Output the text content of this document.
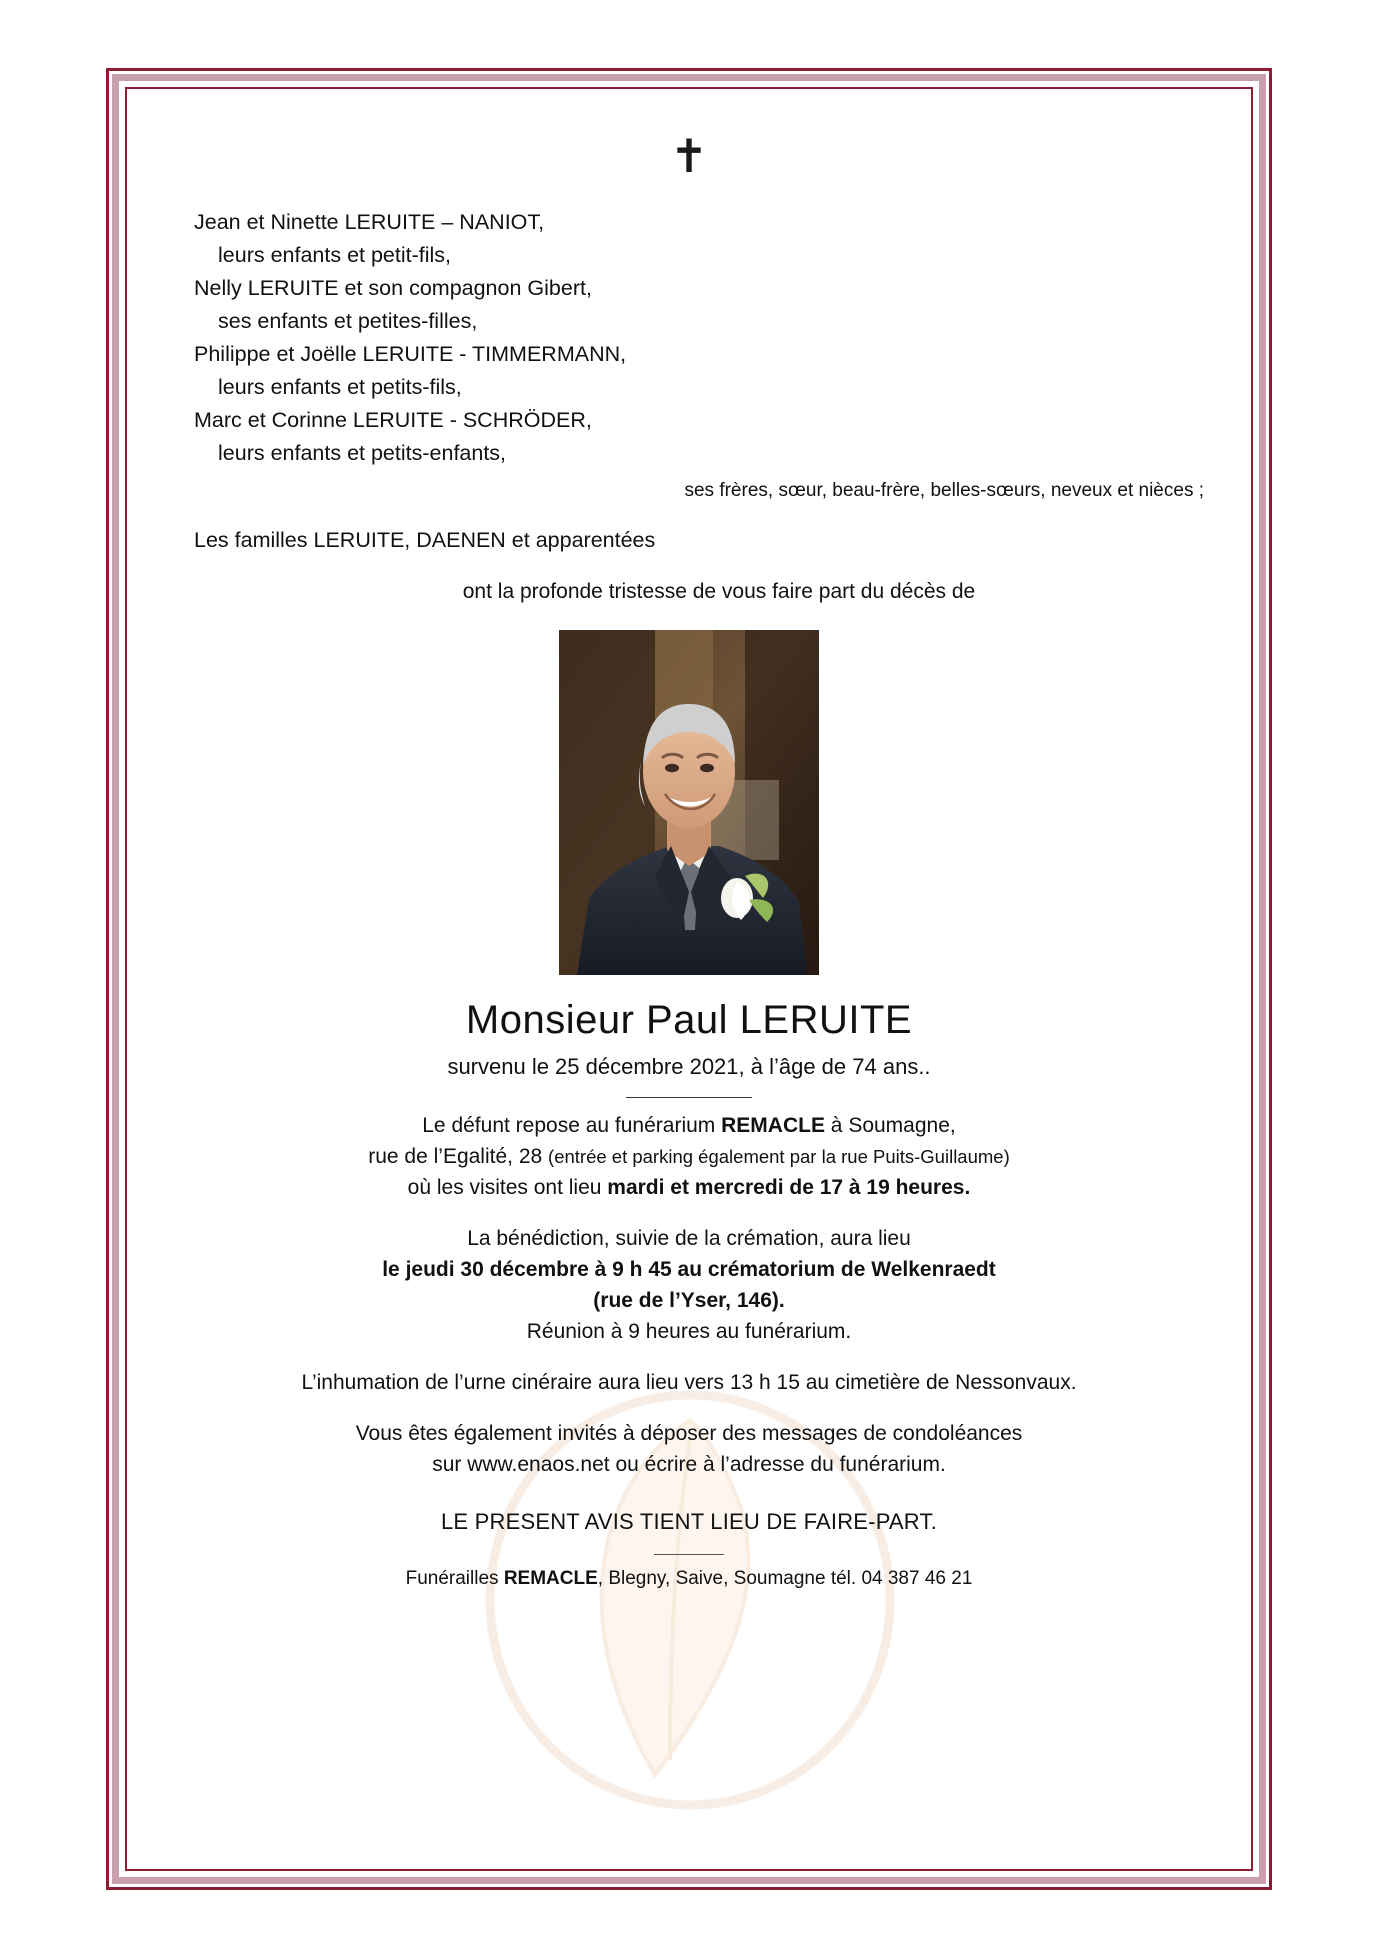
✝
Jean et Ninette LERUITE – NANIOT,
leurs enfants et petit-fils,
Nelly LERUITE et son compagnon Gibert,
ses enfants et petites-filles,
Philippe et Joëlle LERUITE - TIMMERMANN,
leurs enfants et petits-fils,
Marc et Corinne LERUITE - SCHRÖDER,
leurs enfants et petits-enfants,
ses frères, sœur, beau-frère, belles-sœurs, neveux et nièces ;
Les familles LERUITE, DAENEN et apparentées
ont la profonde tristesse de vous faire part du décès de
Monsieur Paul LERUITE
survenu le 25 décembre 2021, à l’âge de 74 ans..
Le défunt repose au funérarium REMACLE à Soumagne,
rue de l’Egalité, 28 (entrée et parking également par la rue Puits-Guillaume)
où les visites ont lieu mardi et mercredi de 17 à 19 heures.
La bénédiction, suivie de la crémation, aura lieu
le jeudi 30 décembre à 9 h 45 au crématorium de Welkenraedt
(rue de l’Yser, 146).
Réunion à 9 heures au funérarium.
L’inhumation de l’urne cinéraire aura lieu vers 13 h 15 au cimetière de Nessonvaux.
Vous êtes également invités à déposer des messages de condoléances
sur www.enaos.net ou écrire à l’adresse du funérarium.
LE PRESENT AVIS TIENT LIEU DE FAIRE-PART.
Funérailles REMACLE, Blegny, Saive, Soumagne tél. 04 387 46 21
